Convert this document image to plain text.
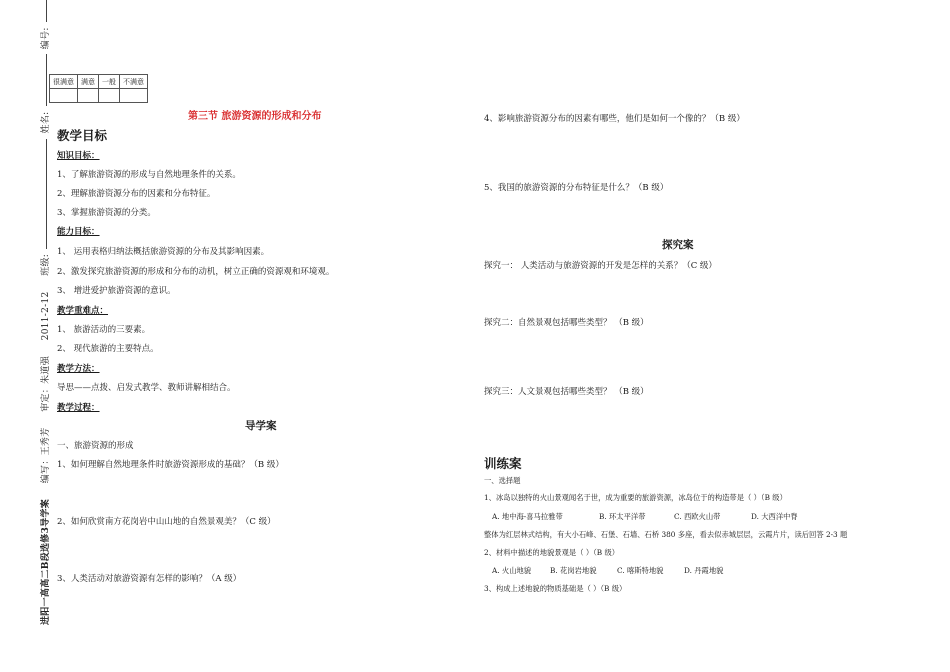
进阳一高高二B段选修3导学案 　 编写：王秀芳 　 审定：朱道强 　 2011-2-12 　 班级:  姓名:  编号:
很满意	满意	一般	不满意

第三节 旅游资源的形成和分布
教学目标
知识目标：
1、了解旅游资源的形成与自然地理条件的关系。
2、理解旅游资源分布的因素和分布特征。
3、掌握旅游资源的分类。
能力目标：
1、 运用表格归纳法概括旅游资源的分布及其影响因素。
2、激发探究旅游资源的形成和分布的动机，树立正确的资源观和环境观。
3、 增进爱护旅游资源的意识。
教学重难点：
1、 旅游活动的三要素。
2、 现代旅游的主要特点。
教学方法：
导思——点拨、启发式教学、教师讲解相结合。
教学过程：
导学案
一、旅游资源的形成
1、如何理解自然地理条件时旅游资源形成的基础？（B 级）
2、如何欣赏南方花岗岩中山山地的自然景观美？（C 级）
3、人类活动对旅游资源有怎样的影响？（A 级）
4、影响旅游资源分布的因素有哪些，他们是如何一个像的？（B 级）
5、我国的旅游资源的分布特征是什么？（B 级）
探究案
探究一： 人类活动与旅游资源的开发是怎样的关系？（C 级）
探究二：自然景观包括哪些类型？ （B 级）
探究三：人文景观包括哪些类型？ （B 级）
训练案
一、选择题
1、冰岛以独特的火山景观闻名于世，成为重要的旅游资源，冰岛位于的构造带是（ ）（B 级）
A. 地中海-喜马拉雅带	B. 环太平洋带	C. 西欧火山带	D. 大西洋中脊
整体为红层林式结构，有大小石峰、石堡、石墙、石桥 380 多座，看去似赤城层层，云霞片片，读后回答 2-3 题
2、材料中描述的地貌景观是（ ）（B 级）
A. 火山地貌	B. 花岗岩地貌	C. 喀斯特地貌	D. 丹霞地貌
3、构成上述地貌的物质基础是（ ）（B 级）
